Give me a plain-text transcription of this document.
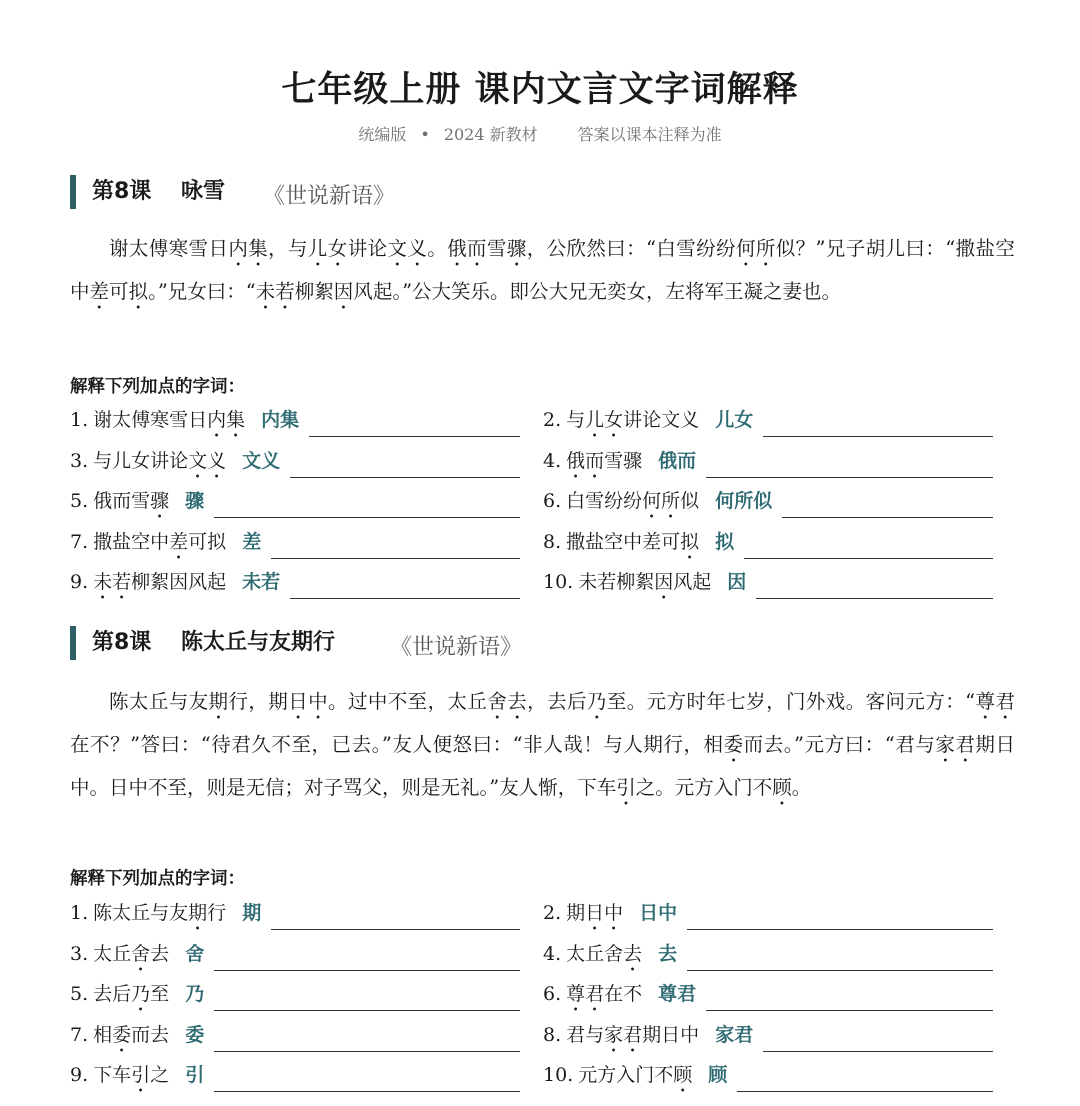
七年级上册 课内文言文字词解释
统编版 • 2024 新教材	答案以课本注释为准
第8课 咏雪 《世说新语》

谢太傅寒雪日内集，与儿女讲论文义。俄而雪骤，公欣然曰：“白雪纷纷何所似？”兄子胡儿曰：“撒盐空中差可拟。”兄女曰：“未若柳絮因风起。”公大笑乐。即公大兄无奕女，左将军王凝之妻也。

解释下列加点的字词：
1. 谢太傅寒雪日内集 内集	2. 与儿女讲论文义 儿女
3. 与儿女讲论文义 文义	4. 俄而雪骤 俄而
5. 俄而雪骤 骤	6. 白雪纷纷何所似 何所似
7. 撒盐空中差可拟 差	8. 撒盐空中差可拟 拟
9. 未若柳絮因风起 未若	10. 未若柳絮因风起 因
第8课 陈太丘与友期行 《世说新语》

陈太丘与友期行，期日中。过中不至，太丘舍去，去后乃至。元方时年七岁，门外戏。客问元方：“尊君在不？”答曰：“待君久不至，已去。”友人便怒曰：“非人哉！与人期行，相委而去。”元方曰：“君与家君期日中。日中不至，则是无信；对子骂父，则是无礼。”友人惭，下车引之。元方入门不顾。

解释下列加点的字词：
1. 陈太丘与友期行 期	2. 期日中 日中
3. 太丘舍去 舍	4. 太丘舍去 去
5. 去后乃至 乃	6. 尊君在不 尊君
7. 相委而去 委	8. 君与家君期日中 家君
9. 下车引之 引	10. 元方入门不顾 顾
